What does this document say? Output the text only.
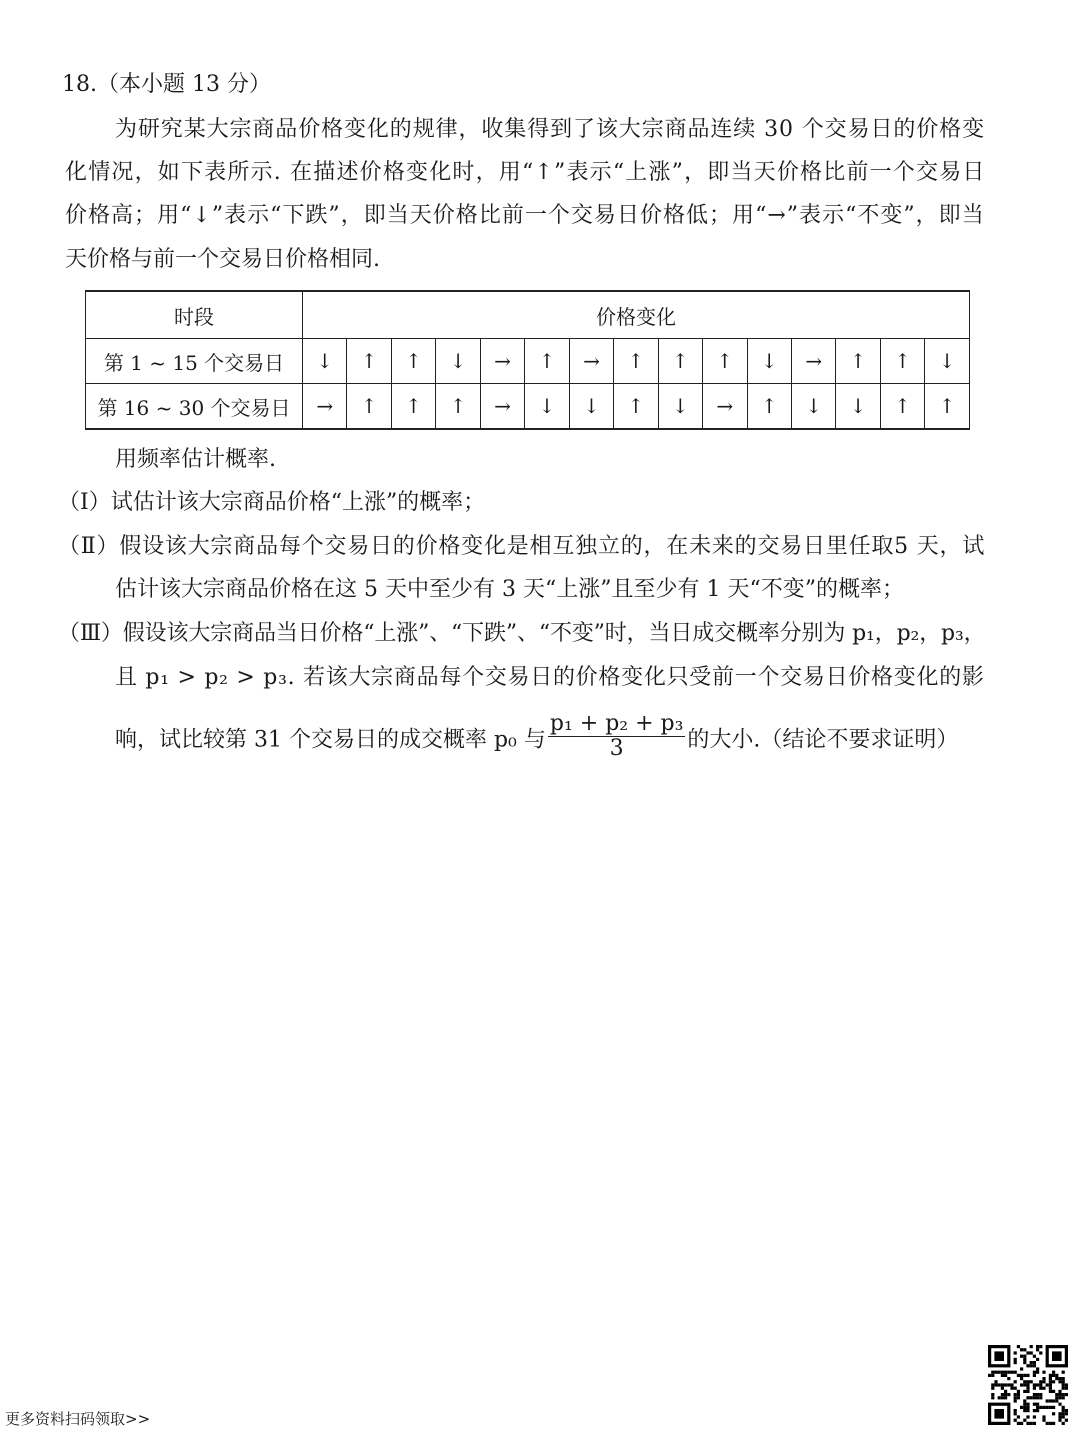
18.（本小题 13 分）
为研究某大宗商品价格变化的规律，收集得到了该大宗商品连续 30 个交易日的价格变
化情况，如下表所示. 在描述价格变化时，用“↑”表示“上涨”，即当天价格比前一个交易日
价格高；用“↓”表示“下跌”，即当天价格比前一个交易日价格低；用“→”表示“不变”，即当
天价格与前一个交易日价格相同.
时段	价格变化														
第 1 ~ 15 个交易日	↓	↑	↑	↓	→	↑	→	↑	↑	↑	↓	→	↑	↑	↓
第 16 ~ 30 个交易日	→	↑	↑	↑	→	↓	↓	↑	↓	→	↑	↓	↓	↑	↑
用频率估计概率.
（Ⅰ）试估计该大宗商品价格“上涨”的概率；
（Ⅱ）假设该大宗商品每个交易日的价格变化是相互独立的，在未来的交易日里任取5 天，试
估计该大宗商品价格在这 5 天中至少有 3 天“上涨”且至少有 1 天“不变”的概率；
（Ⅲ）假设该大宗商品当日价格“上涨”、“下跌”、“不变”时，当日成交概率分别为 p₁，p₂，p₃，
且 p₁ > p₂ > p₃. 若该大宗商品每个交易日的价格变化只受前一个交易日价格变化的影
响，试比较第 31 个交易日的成交概率 p₀ 与 $\frac{\text{p₁ + p₂ + p₃}}{3}$ 的大小.（结论不要求证明）
更多资料扫码领取>>
